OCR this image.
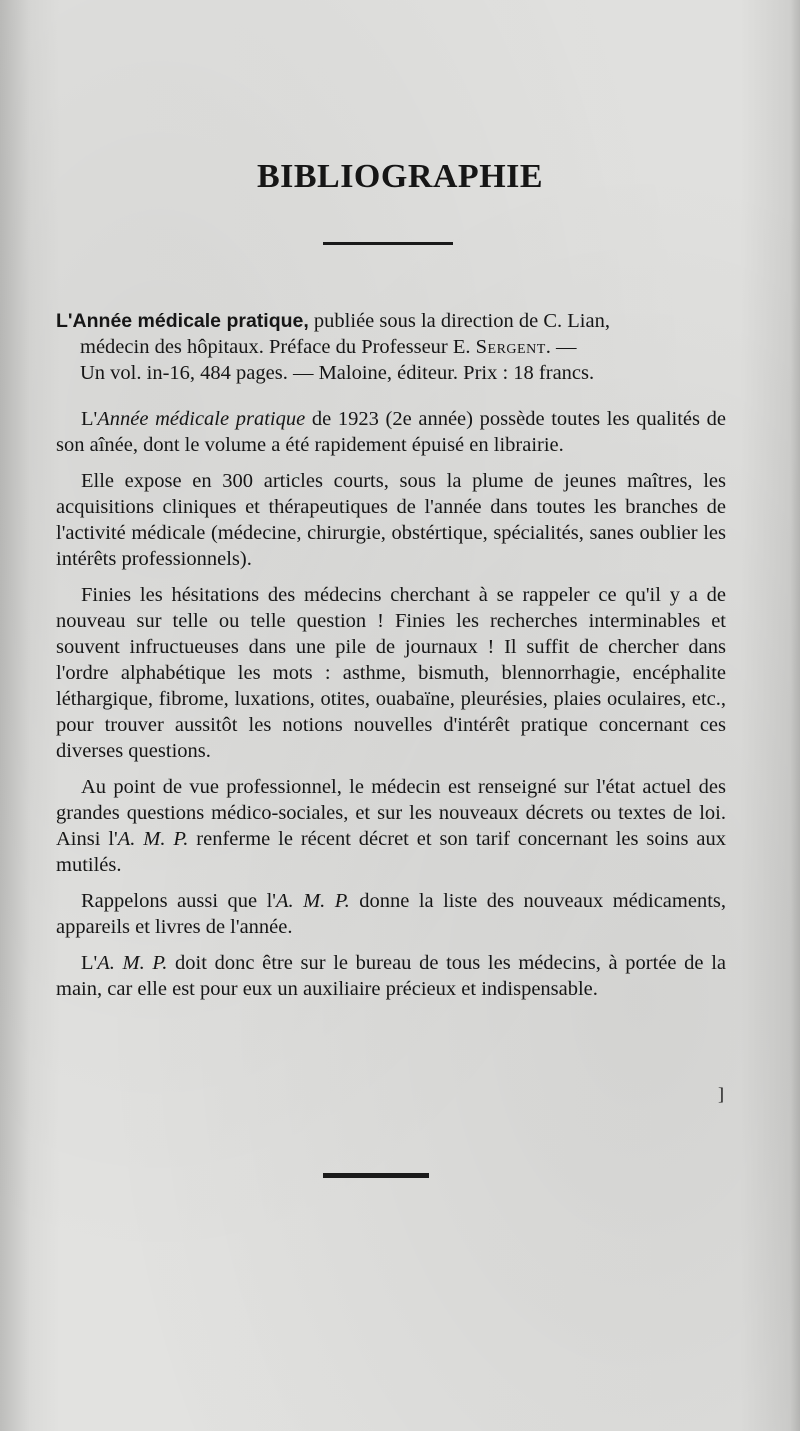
BIBLIOGRAPHIE
L'Année médicale pratique, publiée sous la direction de C. Lian,
médecin des hôpitaux. Préface du Professeur E. Sergent. —
Un vol. in-16, 484 pages. — Maloine, éditeur. Prix : 18 francs.

L'Année médicale pratique de 1923 (2e année) possède toutes les qualités de son aînée, dont le volume a été rapidement épuisé en librairie.

Elle expose en 300 articles courts, sous la plume de jeunes maîtres, les acquisitions cliniques et thérapeutiques de l'année dans toutes les branches de l'activité médicale (médecine, chirurgie, obstértique, spécialités, sanes oublier les intérêts professionnels).

Finies les hésitations des médecins cherchant à se rappeler ce qu'il y a de nouveau sur telle ou telle question ! Finies les recherches interminables et souvent infructueuses dans une pile de journaux ! Il suffit de chercher dans l'ordre alphabétique les mots : asthme, bismuth, blennorrhagie, encéphalite léthargique, fibrome, luxations, otites, ouabaïne, pleurésies, plaies oculaires, etc., pour trouver aussitôt les notions nouvelles d'intérêt pratique concernant ces diverses questions.

Au point de vue professionnel, le médecin est renseigné sur l'état actuel des grandes questions médico-sociales, et sur les nouveaux décrets ou textes de loi. Ainsi l'A. M. P. renferme le récent décret et son tarif concernant les soins aux mutilés.

Rappelons aussi que l'A. M. P. donne la liste des nouveaux médicaments, appareils et livres de l'année.

L'A. M. P. doit donc être sur le bureau de tous les médecins, à portée de la main, car elle est pour eux un auxiliaire précieux et indispensable.

]
